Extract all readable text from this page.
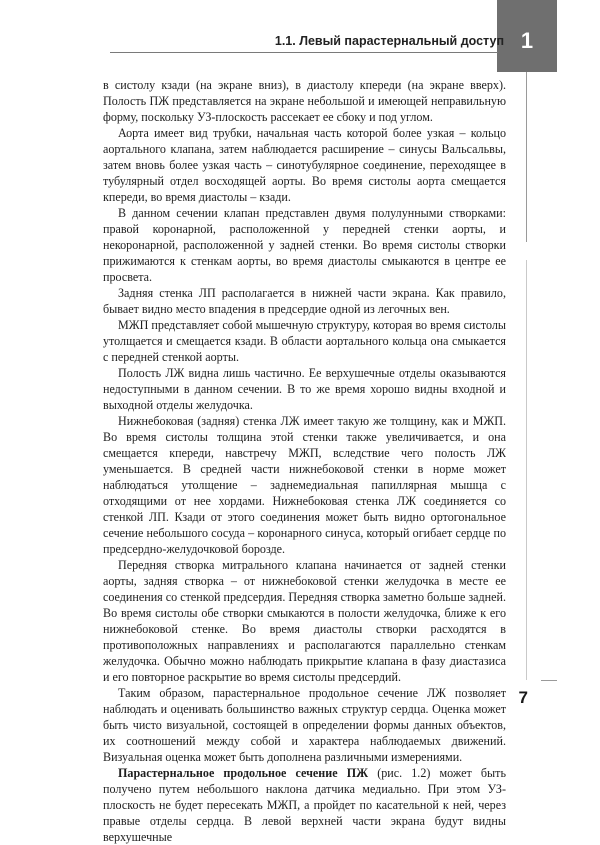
1
1.1. Левый парастернальный доступ

в систолу кзади (на экране вниз), в диастолу кпереди (на экране вверх). Полость ПЖ представляется на экране небольшой и имеющей неправильную форму, поскольку УЗ-плоскость рассекает ее сбоку и под углом.

Аорта имеет вид трубки, начальная часть которой более узкая – кольцо аортального клапана, затем наблюдается расширение – синусы Вальсальвы, затем вновь более узкая часть – синотубулярное соединение, переходящее в тубулярный отдел восходящей аорты. Во время систолы аорта смещается кпереди, во время диастолы – кзади.

В данном сечении клапан представлен двумя полулунными створками: правой коронарной, расположенной у передней стенки аорты, и некоронарной, расположенной у задней стенки. Во время систолы створки прижимаются к стенкам аорты, во время диастолы смыкаются в центре ее просвета.

Задняя стенка ЛП располагается в нижней части экрана. Как правило, бывает видно место впадения в предсердие одной из легочных вен.

МЖП представляет собой мышечную структуру, которая во время систолы утолщается и смещается кзади. В области аортального кольца она смыкается с передней стенкой аорты.

Полость ЛЖ видна лишь частично. Ее верхушечные отделы оказываются недоступными в данном сечении. В то же время хорошо видны входной и выходной отделы желудочка.

Нижнебоковая (задняя) стенка ЛЖ имеет такую же толщину, как и МЖП. Во время систолы толщина этой стенки также увеличивается, и она смещается кпереди, навстречу МЖП, вследствие чего полость ЛЖ уменьшается. В средней части нижнебоковой стенки в норме может наблюдаться утолщение – заднемедиальная папиллярная мышца с отходящими от нее хордами. Нижнебоковая стенка ЛЖ соединяется со стенкой ЛП. Кзади от этого соединения может быть видно ортогональное сечение небольшого сосуда – коронарного синуса, который огибает сердце по предсердно-желудочковой борозде.

Передняя створка митрального клапана начинается от задней стенки аорты, задняя створка – от нижнебоковой стенки желудочка в месте ее соединения со стенкой предсердия. Передняя створка заметно больше задней. Во время систолы обе створки смыкаются в полости желудочка, ближе к его нижнебоковой стенке. Во время диастолы створки расходятся в противоположных направлениях и располагаются параллельно стенкам желудочка. Обычно можно наблюдать прикрытие клапана в фазу диастазиса и его повторное раскрытие во время систолы предсердий.

Таким образом, парастернальное продольное сечение ЛЖ позволяет наблюдать и оценивать большинство важных структур сердца. Оценка может быть чисто визуальной, состоящей в определении формы данных объектов, их соотношений между собой и характера наблюдаемых движений. Визуальная оценка может быть дополнена различными измерениями.

Парастернальное продольное сечение ПЖ (рис. 1.2) может быть получено путем небольшого наклона датчика медиально. При этом УЗ-плоскость не будет пересекать МЖП, а пройдет по касательной к ней, через правые отделы сердца. В левой верхней части экрана будут видны верхушечные

7
